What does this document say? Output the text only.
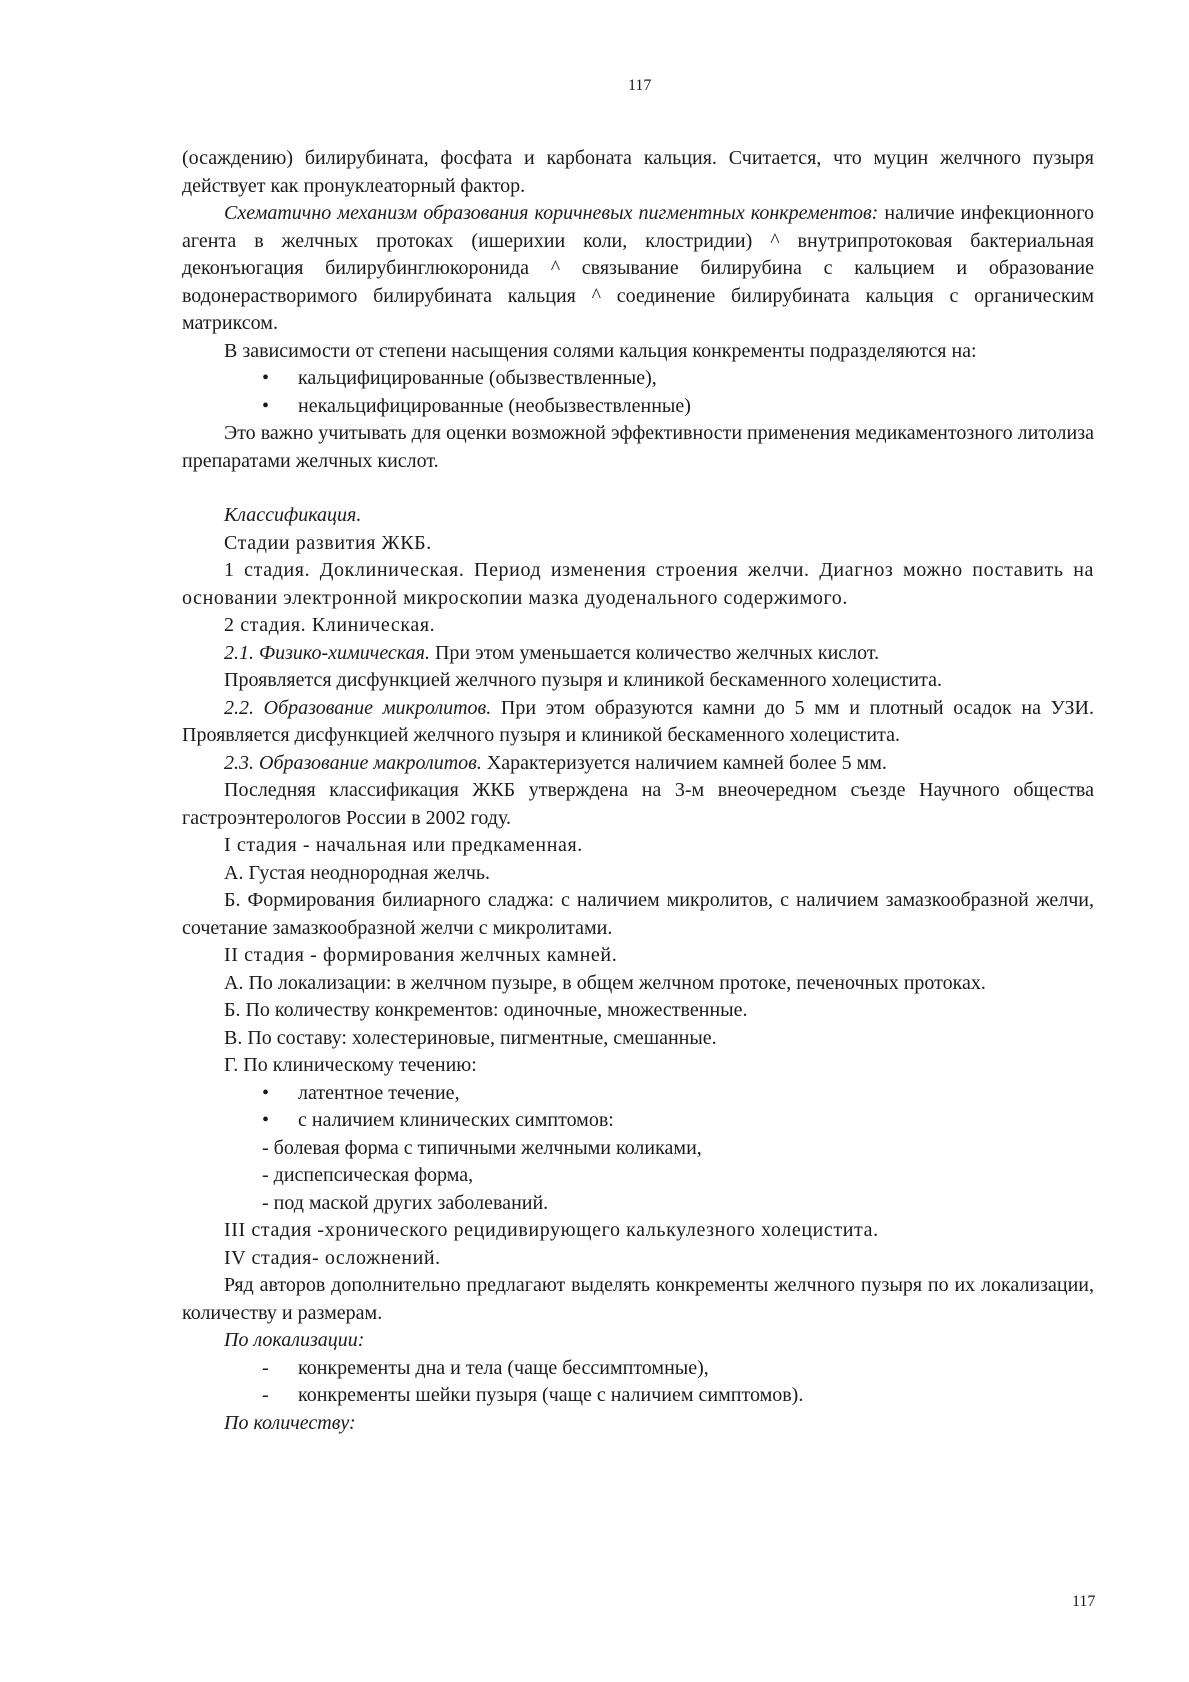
117

(осаждению) билирубината, фосфата и карбоната кальция. Считается, что муцин желчного пузыря действует как пронуклеаторный фактор.

Схематично механизм образования коричневых пигментных конкрементов: наличие инфекционного агента в желчных протоках (ишерихии коли, клостридии) ^ внутрипротоковая бактериальная деконъюгация билирубинглюкоронида ^ связывание билирубина с кальцием и образование водонерастворимого билирубината кальция ^ соединение билирубината кальция с органическим матриксом.

В зависимости от степени насыщения солями кальция конкременты подразделяются на:

• кальцифицированные (обызвествленные),
• некальцифицированные (необызвествленные)

Это важно учитывать для оценки возможной эффективности применения медикаментозного литолиза препаратами желчных кислот.

Классификация.

Стадии развития ЖКБ.

1 стадия. Доклиническая. Период изменения строения желчи. Диагноз можно поставить на основании электронной микроскопии мазка дуоденального содержимого.

2 стадия. Клиническая.

2.1. Физико-химическая. При этом уменьшается количество желчных кислот.

Проявляется дисфункцией желчного пузыря и клиникой бескаменного холецистита.

2.2. Образование микролитов. При этом образуются камни до 5 мм и плотный осадок на УЗИ. Проявляется дисфункцией желчного пузыря и клиникой бескаменного холецистита.

2.3. Образование макролитов. Характеризуется наличием камней более 5 мм.

Последняя классификация ЖКБ утверждена на 3-м внеочередном съезде Научного общества гастроэнтерологов России в 2002 году.

I стадия - начальная или предкаменная.

А. Густая неоднородная желчь.

Б. Формирования билиарного сладжа: с наличием микролитов, с наличием замазкообразной желчи, сочетание замазкообразной желчи с микролитами.

II стадия - формирования желчных камней.

А. По локализации: в желчном пузыре, в общем желчном протоке, печеночных протоках.

Б. По количеству конкрементов: одиночные, множественные.

В. По составу: холестериновые, пигментные, смешанные.

Г. По клиническому течению:

• латентное течение,
• с наличием клинических симптомов:
- болевая форма с типичными желчными коликами,
- диспепсическая форма,
- под маской других заболеваний.

III стадия -хронического рецидивирующего калькулезного холецистита.

IV стадия- осложнений.

Ряд авторов дополнительно предлагают выделять конкременты желчного пузыря по их локализации, количеству и размерам.

По локализации:

- конкременты дна и тела (чаще бессимптомные),
- конкременты шейки пузыря (чаще с наличием симптомов).

По количеству:

117
